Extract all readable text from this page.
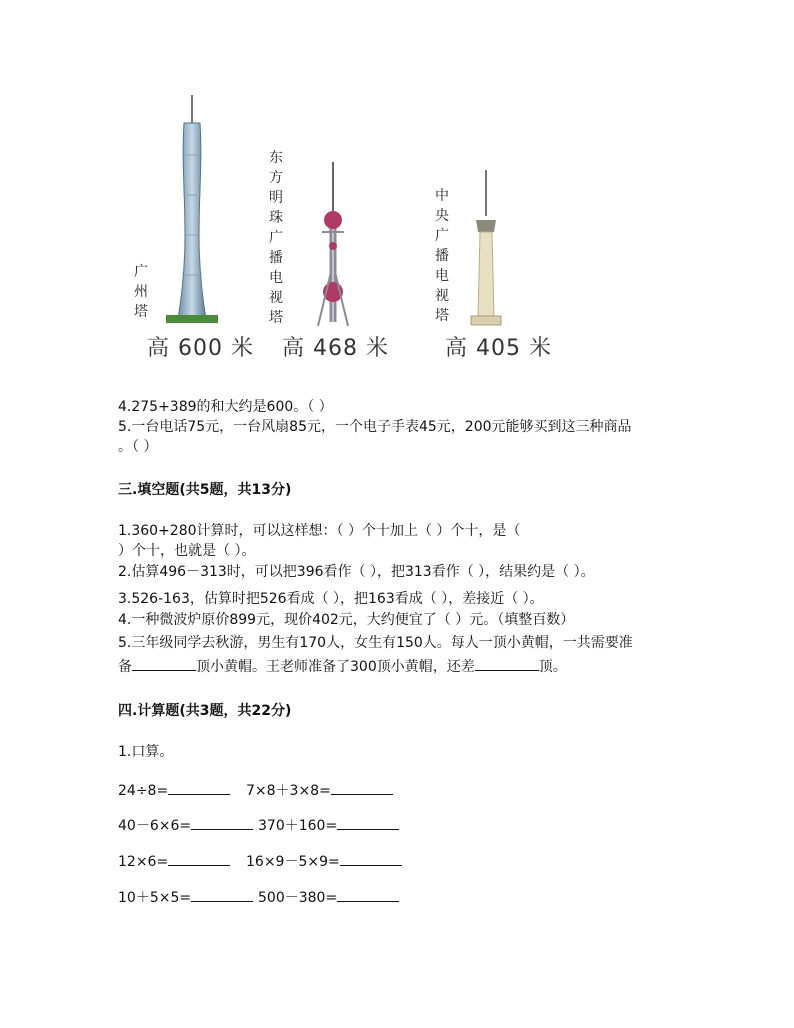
广
州
塔
东
方
明
珠
广
播
电
视
塔
中
央
广
播
电
视
塔
高 600 米 高 468 米	高 405 米
4.275+389的和大约是600。（ ）
5.一台电话75元，一台风扇85元，一个电子手表45元，200元能够买到这三种商品
。（ ）
三.填空题(共5题，共13分)
1.360+280计算时，可以这样想：（ ）个十加上（ ）个十，是（
）个十，也就是（ ）。
2.估算496－313时，可以把396看作（ ），把313看作（ ），结果约是（ ）。
3.526-163，估算时把526看成（ ），把163看成（ ），差接近（ ）。
4.一种微波炉原价899元，现价402元，大约便宜了（ ）元。（填整百数）
5.三年级同学去秋游，男生有170人，女生有150人。每人一顶小黄帽，一共需要准
备	顶小黄帽。王老师准备了300顶小黄帽，还差	顶。
四.计算题(共3题，共22分)
1.口算。
24÷8=	7×8＋3×8=
40－6×6=	370＋160=
12×6=	16×9－5×9=
10＋5×5=	500－380=
